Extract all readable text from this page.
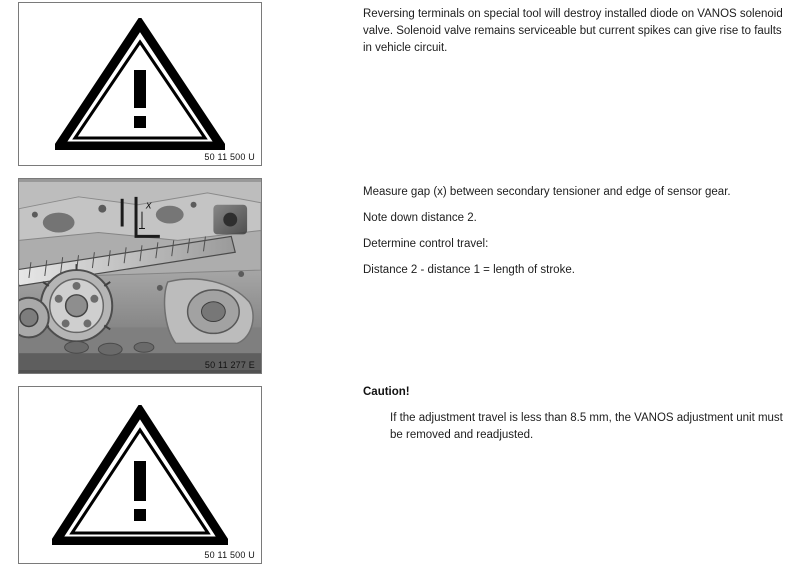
50 11 500 U
x
50 11 277 E
50 11 500 U

Reversing terminals on special tool will destroy installed diode on VANOS solenoid valve. Solenoid valve remains serviceable but current spikes can give rise to faults in vehicle circuit.

Measure gap (x) between secondary tensioner and edge of sensor gear.

Note down distance 2.

Determine control travel:

Distance 2 - distance 1 = length of stroke.

Caution!

If the adjustment travel is less than 8.5 mm, the VANOS adjustment unit must be removed and readjusted.
